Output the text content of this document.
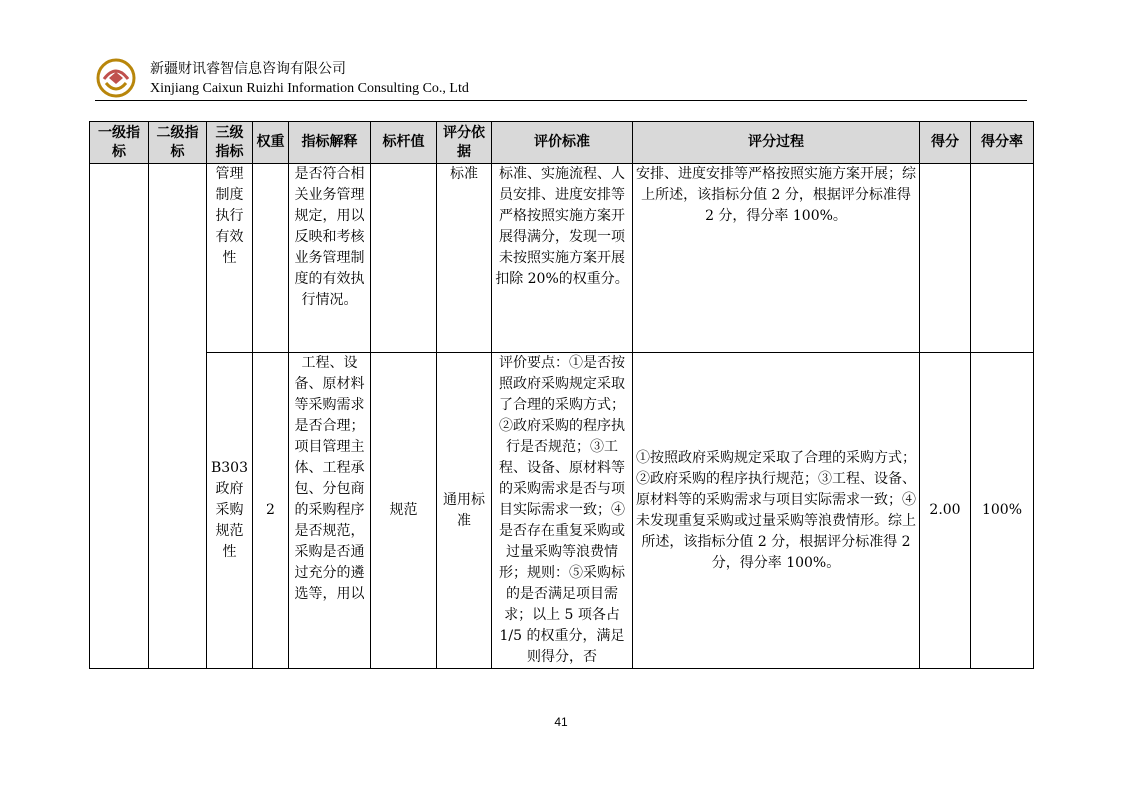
新疆财讯睿智信息咨询有限公司
Xinjiang Caixun Ruizhi Information Consulting Co., Ltd
一级指标	二级指标	三级指标	权重	指标解释	标杆值	评分依据	评价标准	评分过程	得分	得分率
		管理制度执行有效性		是否符合相关业务管理规定，用以反映和考核业务管理制度的有效执行情况。		标准	标准、实施流程、人员安排、进度安排等严格按照实施方案开展得满分，发现一项未按照实施方案开展扣除 20%的权重分。	安排、进度安排等严格按照实施方案开展；综上所述，该指标分值 2 分，根据评分标准得 2 分，得分率 100%。		
		B303政府采购规范性	2	工程、设备、原材料等采购需求是否合理；项目管理主体、工程承包、分包商的采购程序是否规范，采购是否通过充分的遴选等，用以	规范	通用标准	评价要点：①是否按照政府采购规定采取了合理的采购方式；②政府采购的程序执行是否规范；③工程、设备、原材料等的采购需求是否与项目实际需求一致；④是否存在重复采购或过量采购等浪费情形；规则：⑤采购标的是否满足项目需求；以上 5 项各占 1/5 的权重分，满足则得分，否	①按照政府采购规定采取了合理的采购方式；②政府采购的程序执行规范；③工程、设备、原材料等的采购需求与项目实际需求一致；④未发现重复采购或过量采购等浪费情形。综上所述，该指标分值 2 分，根据评分标准得 2 分，得分率 100%。	2.00	100%
41
